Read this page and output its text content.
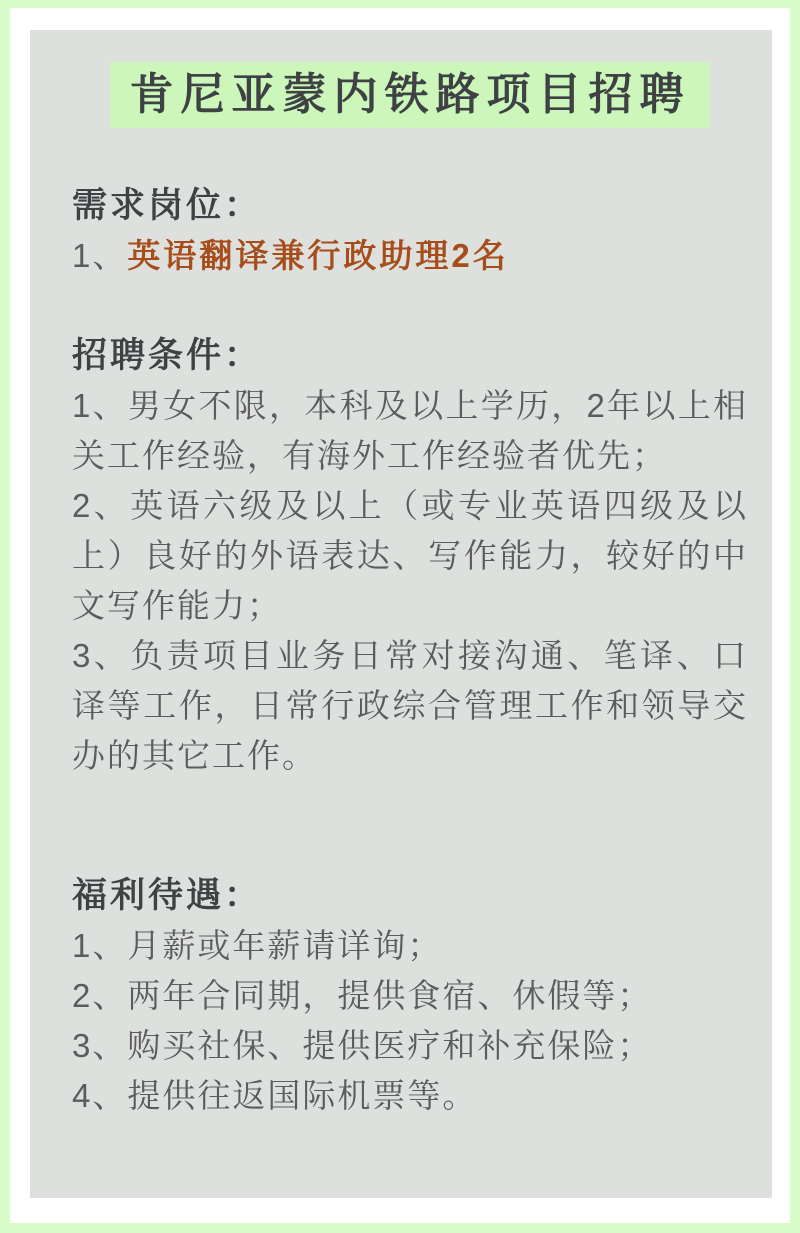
肯尼亚蒙内铁路项目招聘
需求岗位：
1、英语翻译兼行政助理2名
招聘条件：

1、男女不限，本科及以上学历，2年以上相关工作经验，有海外工作经验者优先；

2、英语六级及以上（或专业英语四级及以上）良好的外语表达、写作能力，较好的中文写作能力；

3、负责项目业务日常对接沟通、笔译、口译等工作，日常行政综合管理工作和领导交办的其它工作。

福利待遇：
1、月薪或年薪请详询；
2、两年合同期，提供食宿、休假等；
3、购买社保、提供医疗和补充保险；
4、提供往返国际机票等。
